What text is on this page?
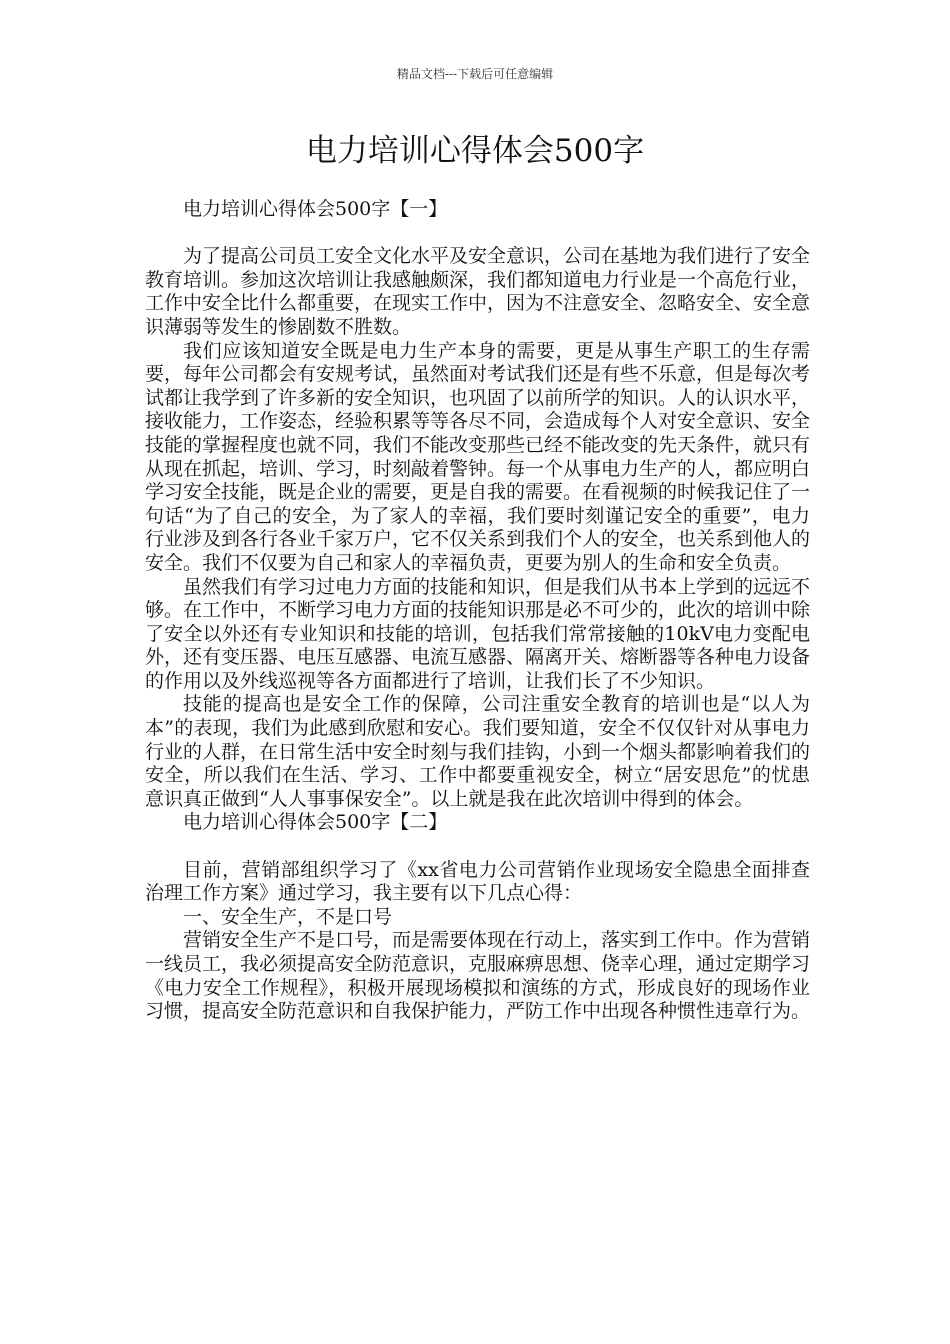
精品文档---下载后可任意编辑
电力培训心得体会500字

电力培训心得体会500字【一】

为了提高公司员工安全文化水平及安全意识，公司在基地为我们进行了安全教育培训。参加这次培训让我感触颇深，我们都知道电力行业是一个高危行业，工作中安全比什么都重要，在现实工作中，因为不注意安全、忽略安全、安全意识薄弱等发生的惨剧数不胜数。

我们应该知道安全既是电力生产本身的需要，更是从事生产职工的生存需要，每年公司都会有安规考试，虽然面对考试我们还是有些不乐意，但是每次考试都让我学到了许多新的安全知识，也巩固了以前所学的知识。人的认识水平，接收能力，工作姿态，经验积累等等各尽不同，会造成每个人对安全意识、安全技能的掌握程度也就不同，我们不能改变那些已经不能改变的先天条件，就只有从现在抓起，培训、学习，时刻敲着警钟。每一个从事电力生产的人，都应明白学习安全技能，既是企业的需要，更是自我的需要。在看视频的时候我记住了一句话“为了自己的安全，为了家人的幸福，我们要时刻谨记安全的重要”，电力行业涉及到各行各业千家万户，它不仅关系到我们个人的安全，也关系到他人的安全。我们不仅要为自己和家人的幸福负责，更要为别人的生命和安全负责。

虽然我们有学习过电力方面的技能和知识，但是我们从书本上学到的远远不够。在工作中，不断学习电力方面的技能知识那是必不可少的，此次的培训中除了安全以外还有专业知识和技能的培训，包括我们常常接触的10kV电力变配电外，还有变压器、电压互感器、电流互感器、隔离开关、熔断器等各种电力设备的作用以及外线巡视等各方面都进行了培训，让我们长了不少知识。

技能的提高也是安全工作的保障，公司注重安全教育的培训也是“以人为本”的表现，我们为此感到欣慰和安心。我们要知道，安全不仅仅针对从事电力行业的人群，在日常生活中安全时刻与我们挂钩，小到一个烟头都影响着我们的安全，所以我们在生活、学习、工作中都要重视安全，树立“居安思危”的忧患意识真正做到“人人事事保安全”。以上就是我在此次培训中得到的体会。

电力培训心得体会500字【二】

目前，营销部组织学习了《xx省电力公司营销作业现场安全隐患全面排查治理工作方案》通过学习，我主要有以下几点心得：

一、安全生产，不是口号

营销安全生产不是口号，而是需要体现在行动上，落实到工作中。作为营销一线员工，我必须提高安全防范意识，克服麻痹思想、侥幸心理，通过定期学习《电力安全工作规程》，积极开展现场模拟和演练的方式，形成良好的现场作业习惯，提高安全防范意识和自我保护能力，严防工作中出现各种惯性违章行为。
